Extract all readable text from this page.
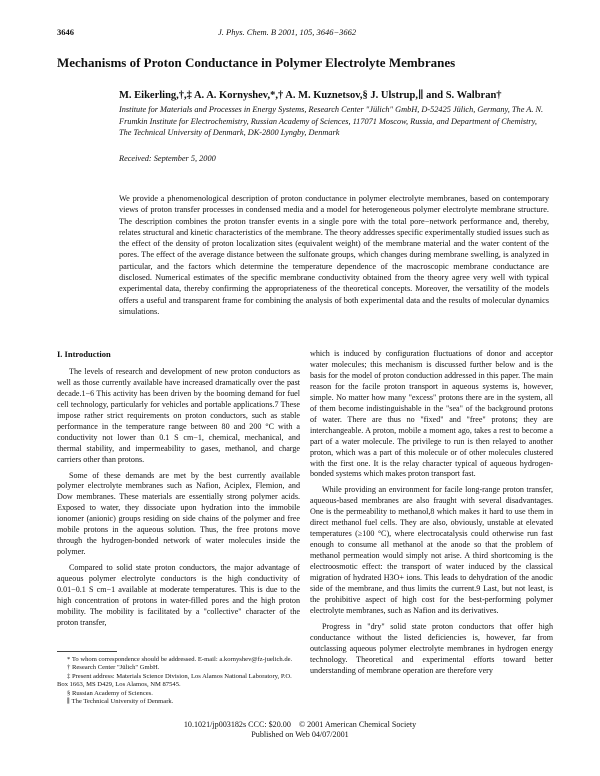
3646	J. Phys. Chem. B 2001, 105, 3646−3662
Mechanisms of Proton Conductance in Polymer Electrolyte Membranes
M. Eikerling,†,‡ A. A. Kornyshev,*,† A. M. Kuznetsov,§ J. Ulstrup,∥ and S. Walbran†
Institute for Materials and Processes in Energy Systems, Research Center "Jülich" GmbH, D-52425 Jülich, Germany, The A. N. Frumkin Institute for Electrochemistry, Russian Academy of Sciences, 117071 Moscow, Russia, and Department of Chemistry, The Technical University of Denmark, DK-2800 Lyngby, Denmark
Received: September 5, 2000
We provide a phenomenological description of proton conductance in polymer electrolyte membranes, based on contemporary views of proton transfer processes in condensed media and a model for heterogeneous polymer electrolyte membrane structure. The description combines the proton transfer events in a single pore with the total pore−network performance and, thereby, relates structural and kinetic characteristics of the membrane. The theory addresses specific experimentally studied issues such as the effect of the density of proton localization sites (equivalent weight) of the membrane material and the water content of the pores. The effect of the average distance between the sulfonate groups, which changes during membrane swelling, is analyzed in particular, and the factors which determine the temperature dependence of the macroscopic membrane conductance are disclosed. Numerical estimates of the specific membrane conductivity obtained from the theory agree very well with typical experimental data, thereby confirming the appropriateness of the theoretical concepts. Moreover, the versatility of the models offers a useful and transparent frame for combining the analysis of both experimental data and the results of molecular dynamics simulations.

I. Introduction

The levels of research and development of new proton conductors as well as those currently available have increased dramatically over the past decade.1−6 This activity has been driven by the booming demand for fuel cell technology, particularly for vehicles and portable applications.7 These impose rather strict requirements on proton conductors, such as stable performance in the temperature range between 80 and 200 °C with a conductivity not lower than 0.1 S cm−1, chemical, mechanical, and thermal stability, and impermeability to gases, methanol, and charge carriers other than protons.

Some of these demands are met by the best currently available polymer electrolyte membranes such as Nafion, Aciplex, Flemion, and Dow membranes. These materials are essentially strong polymer acids. Exposed to water, they dissociate upon hydration into the immobile ionomer (anionic) groups residing on side chains of the polymer and free mobile protons in the aqueous solution. Thus, the free protons move through the hydrogen-bonded network of water molecules inside the polymer.

Compared to solid state proton conductors, the major advantage of aqueous polymer electrolyte conductors is the high conductivity of 0.01−0.1 S cm−1 available at moderate temperatures. This is due to the high concentration of protons in water-filled pores and the high proton mobility. The mobility is facilitated by a "collective" character of the proton transfer,

which is induced by configuration fluctuations of donor and acceptor water molecules; this mechanism is discussed further below and is the basis for the model of proton conduction addressed in this paper. The main reason for the facile proton transport in aqueous systems is, however, simple. No matter how many "excess" protons there are in the system, all of them become indistinguishable in the "sea" of the background protons of water. There are thus no "fixed" and "free" protons; they are interchangeable. A proton, mobile a moment ago, takes a rest to become a part of a water molecule. The privilege to run is then relayed to another proton, which was a part of this molecule or of other molecules clustered with the first one. It is the relay character typical of aqueous hydrogen-bonded systems which makes proton transport fast.

While providing an environment for facile long-range proton transfer, aqueous-based membranes are also fraught with several disadvantages. One is the permeability to methanol,8 which makes it hard to use them in direct methanol fuel cells. They are also, obviously, unstable at elevated temperatures (≥100 °C), where electrocatalysis could otherwise run fast enough to consume all methanol at the anode so that the problem of methanol permeation would simply not arise. A third shortcoming is the electroosmotic effect: the transport of water induced by the classical migration of hydrated H3O+ ions. This leads to dehydration of the anodic side of the membrane, and thus limits the current.9 Last, but not least, is the prohibitive aspect of high cost for the best-performing polymer electrolyte membranes, such as Nafion and its derivatives.

Progress in "dry" solid state proton conductors that offer high conductance without the listed deficiencies is, however, far from outclassing aqueous polymer electrolyte membranes in hydrogen energy technology. Theoretical and experimental efforts toward better understanding of membrane operation are therefore very

* To whom correspondence should be addressed. E-mail: a.kornyshev@fz-juelich.de.
† Research Center "Jülich" GmbH.
‡ Present address: Materials Science Division, Los Alamos National Laboratory, P.O. Box 1663, MS D429, Los Alamos, NM 87545.
§ Russian Academy of Sciences.
∥ The Technical University of Denmark.
10.1021/jp003182s CCC: $20.00    © 2001 American Chemical Society
Published on Web 04/07/2001
